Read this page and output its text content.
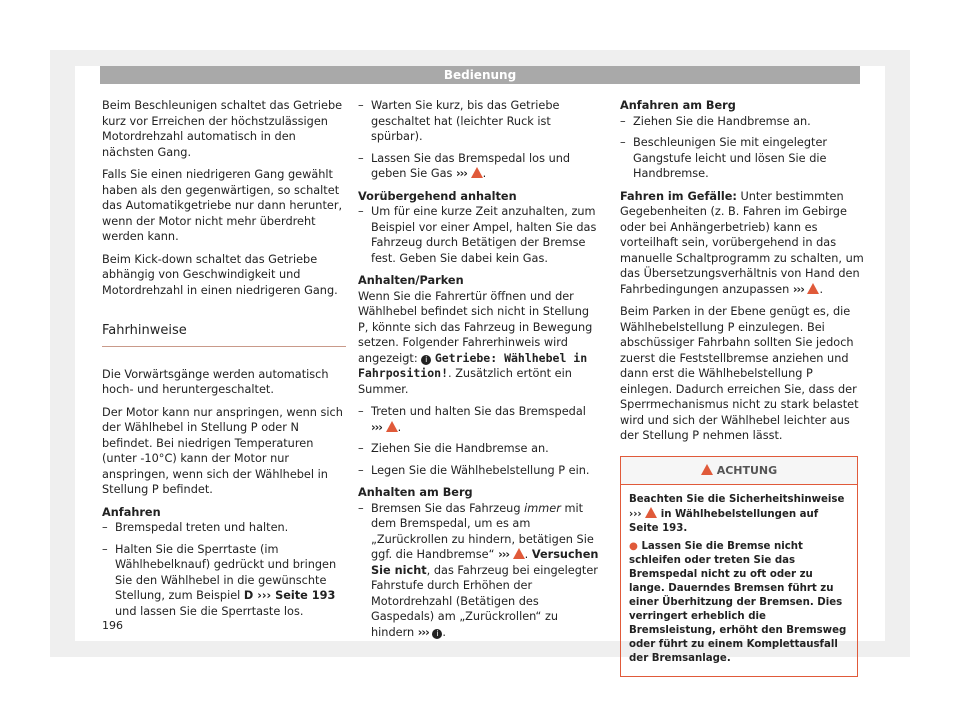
Bedienung

Beim Beschleunigen schaltet das Getriebe kurz vor Erreichen der höchstzulässigen Motordrehzahl automatisch in den nächsten Gang.

Falls Sie einen niedrigeren Gang gewählt haben als den gegenwärtigen, so schaltet das Automatikgetriebe nur dann herunter, wenn der Motor nicht mehr überdreht werden kann.

Beim Kick-down schaltet das Getriebe abhängig von Geschwindigkeit und Motordrehzahl in einen niedrigeren Gang.

Fahrhinweise

Die Vorwärtsgänge werden automatisch hoch- und heruntergeschaltet.

Der Motor kann nur anspringen, wenn sich der Wählhebel in Stellung P oder N befindet. Bei niedrigen Temperaturen (unter -10°C) kann der Motor nur anspringen, wenn sich der Wählhebel in Stellung P befindet.

Anfahren

– Bremspedal treten und halten.
– Halten Sie die Sperrtaste (im Wählhebelknauf) gedrückt und bringen Sie den Wählhebel in die gewünschte Stellung, zum Beispiel D ››› Seite 193 und lassen Sie die Sperrtaste los.
– Warten Sie kurz, bis das Getriebe geschaltet hat (leichter Ruck ist spürbar).
– Lassen Sie das Bremspedal los und geben Sie Gas ››› .

Vorübergehend anhalten

– Um für eine kurze Zeit anzuhalten, zum Beispiel vor einer Ampel, halten Sie das Fahrzeug durch Betätigen der Bremse fest. Geben Sie dabei kein Gas.

Anhalten/Parken

Wenn Sie die Fahrertür öffnen und der Wählhebel befindet sich nicht in Stellung P, könnte sich das Fahrzeug in Bewegung setzen. Folgender Fahrerhinweis wird angezeigt: i Getriebe: Wählhebel in Fahrposition!. Zusätzlich ertönt ein Summer.

– Treten und halten Sie das Bremspedal
››› .
– Ziehen Sie die Handbremse an.
– Legen Sie die Wählhebelstellung P ein.

Anhalten am Berg

– Bremsen Sie das Fahrzeug immer mit dem Bremspedal, um es am „Zurückrollen zu hindern, betätigen Sie ggf. die Handbremse“ ››› . Versuchen Sie nicht, das Fahrzeug bei eingelegter Fahrstufe durch Erhöhen der Motordrehzahl (Betätigen des Gaspedals) am „Zurückrollen“ zu hindern ››› i .

Anfahren am Berg

– Ziehen Sie die Handbremse an.
– Beschleunigen Sie mit eingelegter Gangstufe leicht und lösen Sie die Handbremse.

Fahren im Gefälle: Unter bestimmten Gegebenheiten (z. B. Fahren im Gebirge oder bei Anhängerbetrieb) kann es vorteilhaft sein, vorübergehend in das manuelle Schaltprogramm zu schalten, um das Übersetzungsverhältnis von Hand den Fahrbedingungen anzupassen ››› .

Beim Parken in der Ebene genügt es, die Wählhebelstellung P einzulegen. Bei abschüssiger Fahrbahn sollten Sie jedoch zuerst die Feststellbremse anziehen und dann erst die Wählhebelstellung P einlegen. Dadurch erreichen Sie, dass der Sperrmechanismus nicht zu stark belastet wird und sich der Wählhebel leichter aus der Stellung P nehmen lässt.

ACHTUNG

Beachten Sie die Sicherheitshinweise ›››  in Wählhebelstellungen auf Seite 193.

● Lassen Sie die Bremse nicht schleifen oder treten Sie das Bremspedal nicht zu oft oder zu lange. Dauerndes Bremsen führt zu einer Überhitzung der Bremsen. Dies verringert erheblich die Bremsleistung, erhöht den Bremsweg oder führt zu einem Komplettausfall der Bremsanlage.

196
